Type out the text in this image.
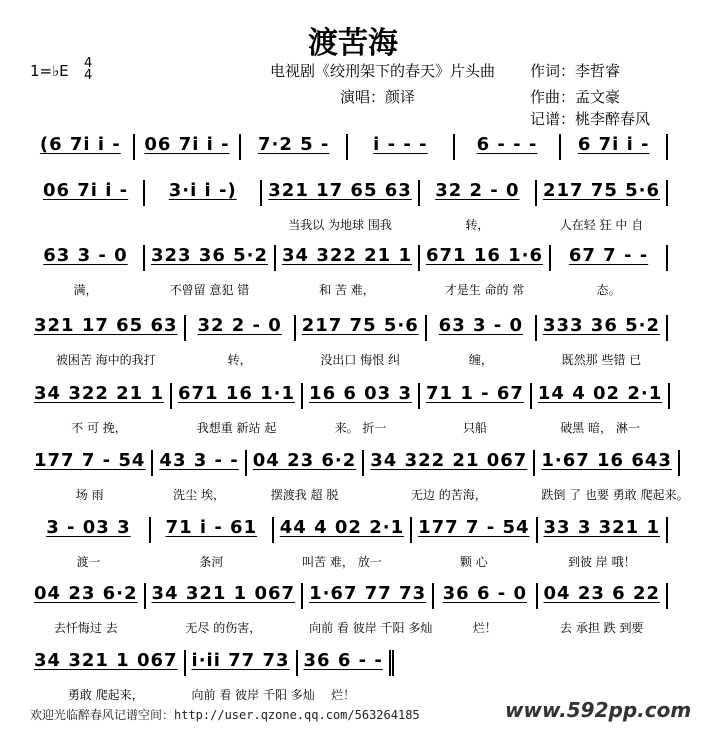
渡苦海
1=♭E 4
4	电视剧《绞刑架下的春天》片头曲
演唱：颜译
作词：李哲睿
作曲：孟文豪
记谱：桃李醉春风
(6 7i i - 06 7i i - 7·2 5 - i - - -	6 - - - 6 7i i -
06 7i i - 3·i i -) 321 17 65 63
当我以 为地球 围我
32 2 - 0
转，
217 75 5·6
人在轻 狂 中 自
63 3 - 0
满，
323 36 5·2
不曾留 意犯 错
34 322 21 1
和 苦 难，
671 16 1·6
才是生 命的 常
67 7 - -
态。
321 17 65 63
被困苦 海中的我打
32 2 - 0
转，
217 75 5·6
没出口 悔恨 纠
63 3 - 0
缠，
333 36 5·2
既然那 些错 已
34 322 21 1
不 可 挽，
671 16 1·1
我想重 新站 起
16 6 03 3
来。 折一
71 1 - 67
只船
14 4 02 2·1
破黑 暗， 淋一
177 7 - 54
场 雨
43 3 - -
洗尘 埃，
04 23 6·2
摆渡我 超 脱
34 322 21 067
无边 的苦海，
1·67 16 643
跌倒 了 也要 勇敢 爬起来。
3 - 03 3
渡一
71 i - 61
条河
44 4 02 2·1
叫苦 难， 放一
177 7 - 54
颗 心
33 3 321 1
到彼 岸 哦！
04 23 6·2
去忏悔过 去
34 321 1 067
无尽 的伤害，
1·67 77 73
向前 看 彼岸 千阳 多灿
36 6 - 0
烂！
04 23 6 22
去 承担 跌 到要
34 321 1 067
勇敢 爬起来，
i·ii 77 73
向前 看 彼岸 千阳 多灿
36 6 - -
烂！
欢迎光临醉春风记谱空间：http://user.qzone.qq.com/563264185	www.592pp.com
